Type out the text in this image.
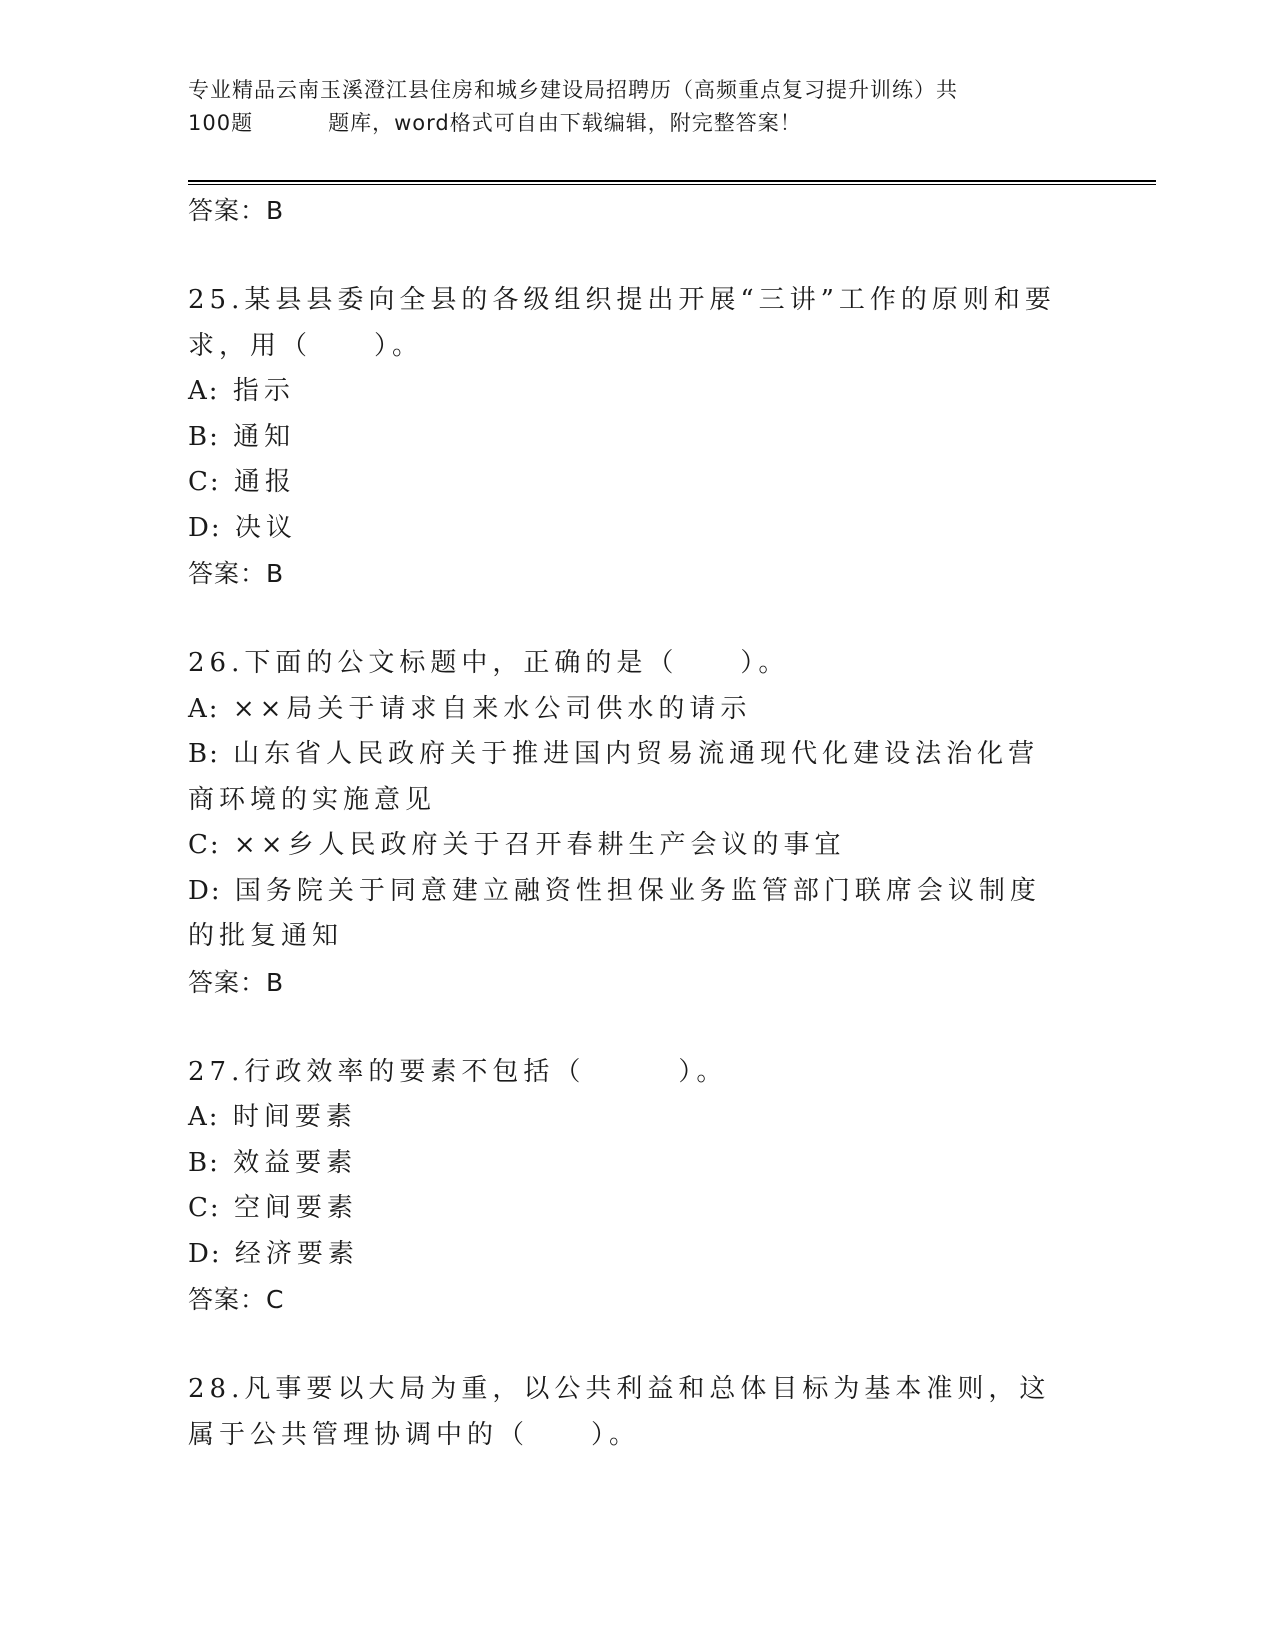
专业精品云南玉溪澄江县住房和城乡建设局招聘历（高频重点复习提升训练）共
100题	题库，word格式可自由下载编辑，附完整答案！
答案：B
25.某县县委向全县的各级组织提出开展“三讲”工作的原则和要求，用（　　）。
A: 指示
B: 通知
C: 通报
D: 决议
答案：B
26.下面的公文标题中，正确的是（　　）。
A: ××局关于请求自来水公司供水的请示
B: 山东省人民政府关于推进国内贸易流通现代化建设法治化营商环境的实施意见
C: ××乡人民政府关于召开春耕生产会议的事宜
D: 国务院关于同意建立融资性担保业务监管部门联席会议制度的批复通知
答案：B
27.行政效率的要素不包括（　　　）。
A: 时间要素
B: 效益要素
C: 空间要素
D: 经济要素
答案：C
28.凡事要以大局为重，以公共利益和总体目标为基本准则，这属于公共管理协调中的（　　）。
